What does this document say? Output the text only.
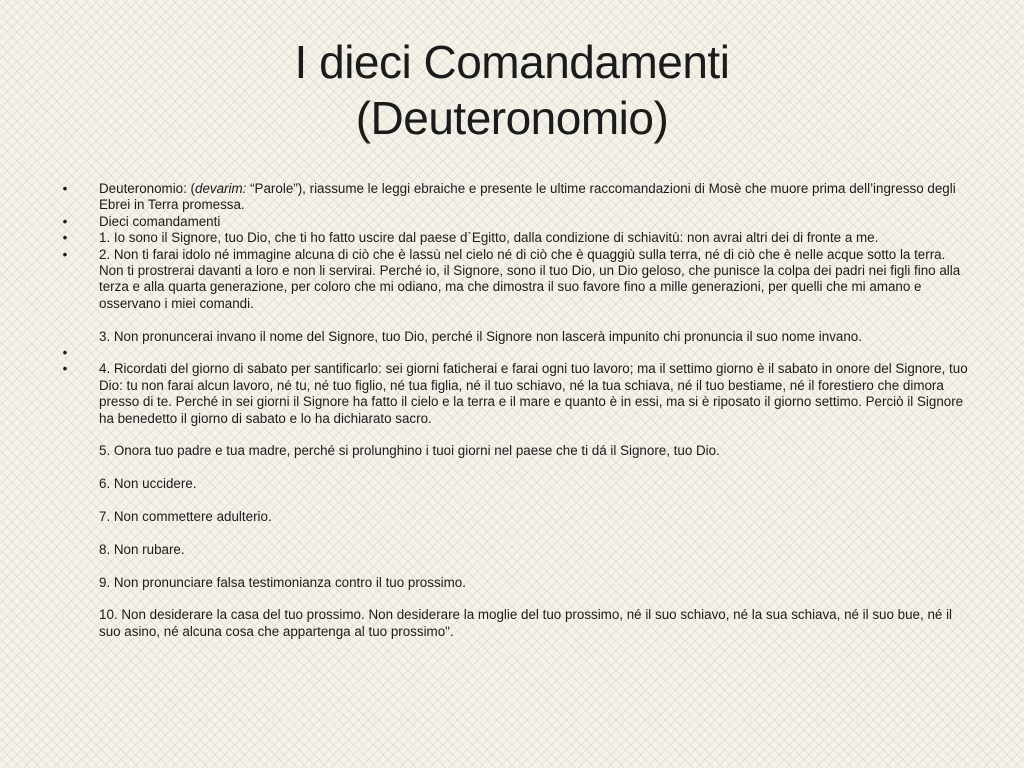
I dieci Comandamenti
(Deuteronomio)
•	Deuteronomio: (devarim: “Parole”), riassume le leggi ebraiche e presente le ultime raccomandazioni di Mosè che muore prima dell’ingresso degli Ebrei in Terra promessa.
•	Dieci comandamenti
•	1. Io sono il Signore, tuo Dio, che ti ho fatto uscire dal paese d`Egitto, dalla condizione di schiavitù: non avrai altri dei di fronte a me.
•	2. Non ti farai idolo né immagine alcuna di ciò che è lassù nel cielo né di ciò che è quaggiù sulla terra, né di ciò che è nelle acque sotto la terra. Non ti prostrerai davanti a loro e non li servirai. Perché io, il Signore, sono il tuo Dio, un Dio geloso, che punisce la colpa dei padri nei figli fino alla terza e alla quarta generazione, per coloro che mi odiano, ma che dimostra il suo favore fino a mille generazioni, per quelli che mi amano e osservano i miei comandi.
3. Non pronuncerai invano il nome del Signore, tuo Dio, perché il Signore non lascerà impunito chi pronuncia il suo nome invano.
•
•	4. Ricordati del giorno di sabato per santificarlo: sei giorni faticherai e farai ogni tuo lavoro; ma il settimo giorno è il sabato in onore del Signore, tuo Dio: tu non farai alcun lavoro, né tu, né tuo figlio, né tua figlia, né il tuo schiavo, né la tua schiava, né il tuo bestiame, né il forestiero che dimora presso di te. Perché in sei giorni il Signore ha fatto il cielo e la terra e il mare e quanto è in essi, ma si è riposato il giorno settimo. Perciò il Signore ha benedetto il giorno di sabato e lo ha dichiarato sacro.
5. Onora tuo padre e tua madre, perché si prolunghino i tuoi giorni nel paese che ti dá il Signore, tuo Dio.
6. Non uccidere.
7. Non commettere adulterio.
8. Non rubare.
9. Non pronunciare falsa testimonianza contro il tuo prossimo.
10. Non desiderare la casa del tuo prossimo. Non desiderare la moglie del tuo prossimo, né il suo schiavo, né la sua schiava, né il suo bue, né il suo asino, né alcuna cosa che appartenga al tuo prossimo".
